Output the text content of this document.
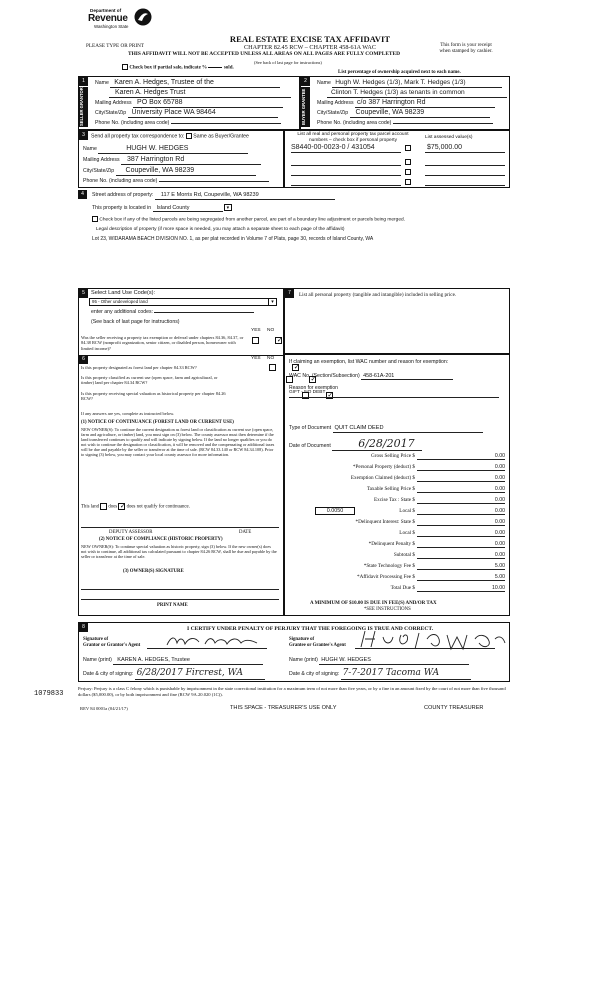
Department of
Revenue
Washington State
REAL ESTATE EXCISE TAX AFFIDAVIT
CHAPTER 82.45 RCW – CHAPTER 458-61A WAC
THIS AFFIDAVIT WILL NOT BE ACCEPTED UNLESS ALL AREAS ON ALL PAGES ARE FULLY COMPLETED
PLEASE TYPE OR PRINT	This form is your receipt
when stamped by cashier.
Check box if partial sale, indicate %	sold.
(See back of last page for instructions)
List percentage of ownership acquired next to each name.
SELLER GRANTOR
1	Name Karen A. Hedges, Trustee of the
Karen A. Hedges Trust
Mailing Address PO Box 65788
City/State/Zip University Place WA 98464
Phone No. (including area code)	BUYER GRANTEE
2	Name Hugh W. Hedges (1/3), Mark T. Hedges (1/3)
Clinton T. Hedges (1/3) as tenants in common
Mailing Address c/o 387 Harrington Rd
City/State/Zip Coupeville, WA 98239
Phone No. (including area code)
3	Send all property tax correspondence to: Same as Buyer/Grantee
Name	HUGH W. HEDGES
Mailing Address 387 Harrington Rd
City/State/Zip Coupeville, WA 98239
Phone No. (including area code)
List all real and personal property tax parcel account
numbers – check box if personal property
List assessed value(s)
S8440-00-0023-0 / 431054	$75,000.00
4	Street address of property: 117 E Morris Rd, Coupeville, WA 98239
This property is located in Island County	▾
Check box if any of the listed parcels are being segregated from another parcel, are part of a boundary line adjustment or parcels being merged.
Legal description of property (if more space is needed, you may attach a separate sheet to each page of the affidavit)
Lot 23, WIDARAMA BEACH DIVISION NO. 1, as per plat recorded in Volume 7 of Plats, page 30, records of Island County, WA
5	Select Land Use Code(s):
95 - Other undeveloped land	▾
enter any additional codes:
(See back of last page for instructions)
YES NO
Was the seller receiving a property tax exemption or deferral under chapters 84.36, 84.37, or 84.38 RCW (nonprofit organization, senior citizen, or disabled person, homeowner with limited income)?
✓
6	YES NO
Is this property designated as forest land per chapter 84.33 RCW?
✓
Is this property classified as current use (open space, farm and agricultural, or timber) land per chapter 84.34 RCW?
✓
Is this property receiving special valuation as historical property per chapter 84.26 RCW?
✓
If any answers are yes, complete as instructed below.
(1) NOTICE OF CONTINUANCE (FOREST LAND OR CURRENT USE)
NEW OWNER(S): To continue the current designation as forest land or classification as current use (open space, farm and agriculture, or timber) land, you must sign on (3) below. The county assessor must then determine if the land transferred continues to qualify and will indicate by signing below. If the land no longer qualifies or you do not wish to continue the designation or classification, it will be removed and the compensating or additional taxes will be due and payable by the seller or transferor at the time of sale. (RCW 84.33.140 or RCW 84.34.108). Prior to signing (3) below, you may contact your local county assessor for more information.
This land does ✓ does not qualify for continuance.
DEPUTY ASSESSOR	DATE
(2) NOTICE OF COMPLIANCE (HISTORIC PROPERTY)
NEW OWNER(S): To continue special valuation as historic property, sign (3) below. If the new owner(s) does not wish to continue, all additional tax calculated pursuant to chapter 84.26 RCW, shall be due and payable by the seller or transferor at the time of sale.
(3) OWNER(S) SIGNATURE
PRINT NAME
7	List all personal property (tangible and intangible) included in selling price.
If claiming an exemption, list WAC number and reason for exemption:
WAC No. (Section/Subsection) 458-61A-201
Reason for exemption
GIFT - NO DEBT
Type of Document QUIT CLAIM DEED
Date of Document 6/28/2017
Gross Selling Price $	0.00
*Personal Property (deduct) $	0.00
Exemption Claimed (deduct) $	0.00
Taxable Selling Price $	0.00
Excise Tax : State $	0.00
0.0050	Local $	0.00
*Delinquent Interest: State $	0.00
Local $	0.00
*Delinquent Penalty $	0.00
Subtotal $	0.00
*State Technology Fee $	5.00
*Affidavit Processing Fee $	5.00
Total Due $	10.00
A MINIMUM OF $10.00 IS DUE IN FEE(S) AND/OR TAX
*SEE INSTRUCTIONS
8	I CERTIFY UNDER PENALTY OF PERJURY THAT THE FOREGOING IS TRUE AND CORRECT.
Signature of
Grantor or Grantor's Agent
Name (print) KAREN A. HEDGES, Trustee
Date & city of signing: 6/28/2017 Fircrest, WA
Signature of
Grantee or Grantee's Agent
Name (print) HUGH W. HEDGES
Date & city of signing: 7-7-2017 Tacoma WA
1079833
Perjury: Perjury is a class C felony which is punishable by imprisonment in the state correctional institution for a maximum term of not more than five years, or by a fine in an amount fixed by the court of not more than five thousand dollars ($5,000.00), or by both imprisonment and fine (RCW 9A.20.020 (1C)).
REV 84 0001a (04/21/17)	THIS SPACE - TREASURER'S USE ONLY	COUNTY TREASURER
